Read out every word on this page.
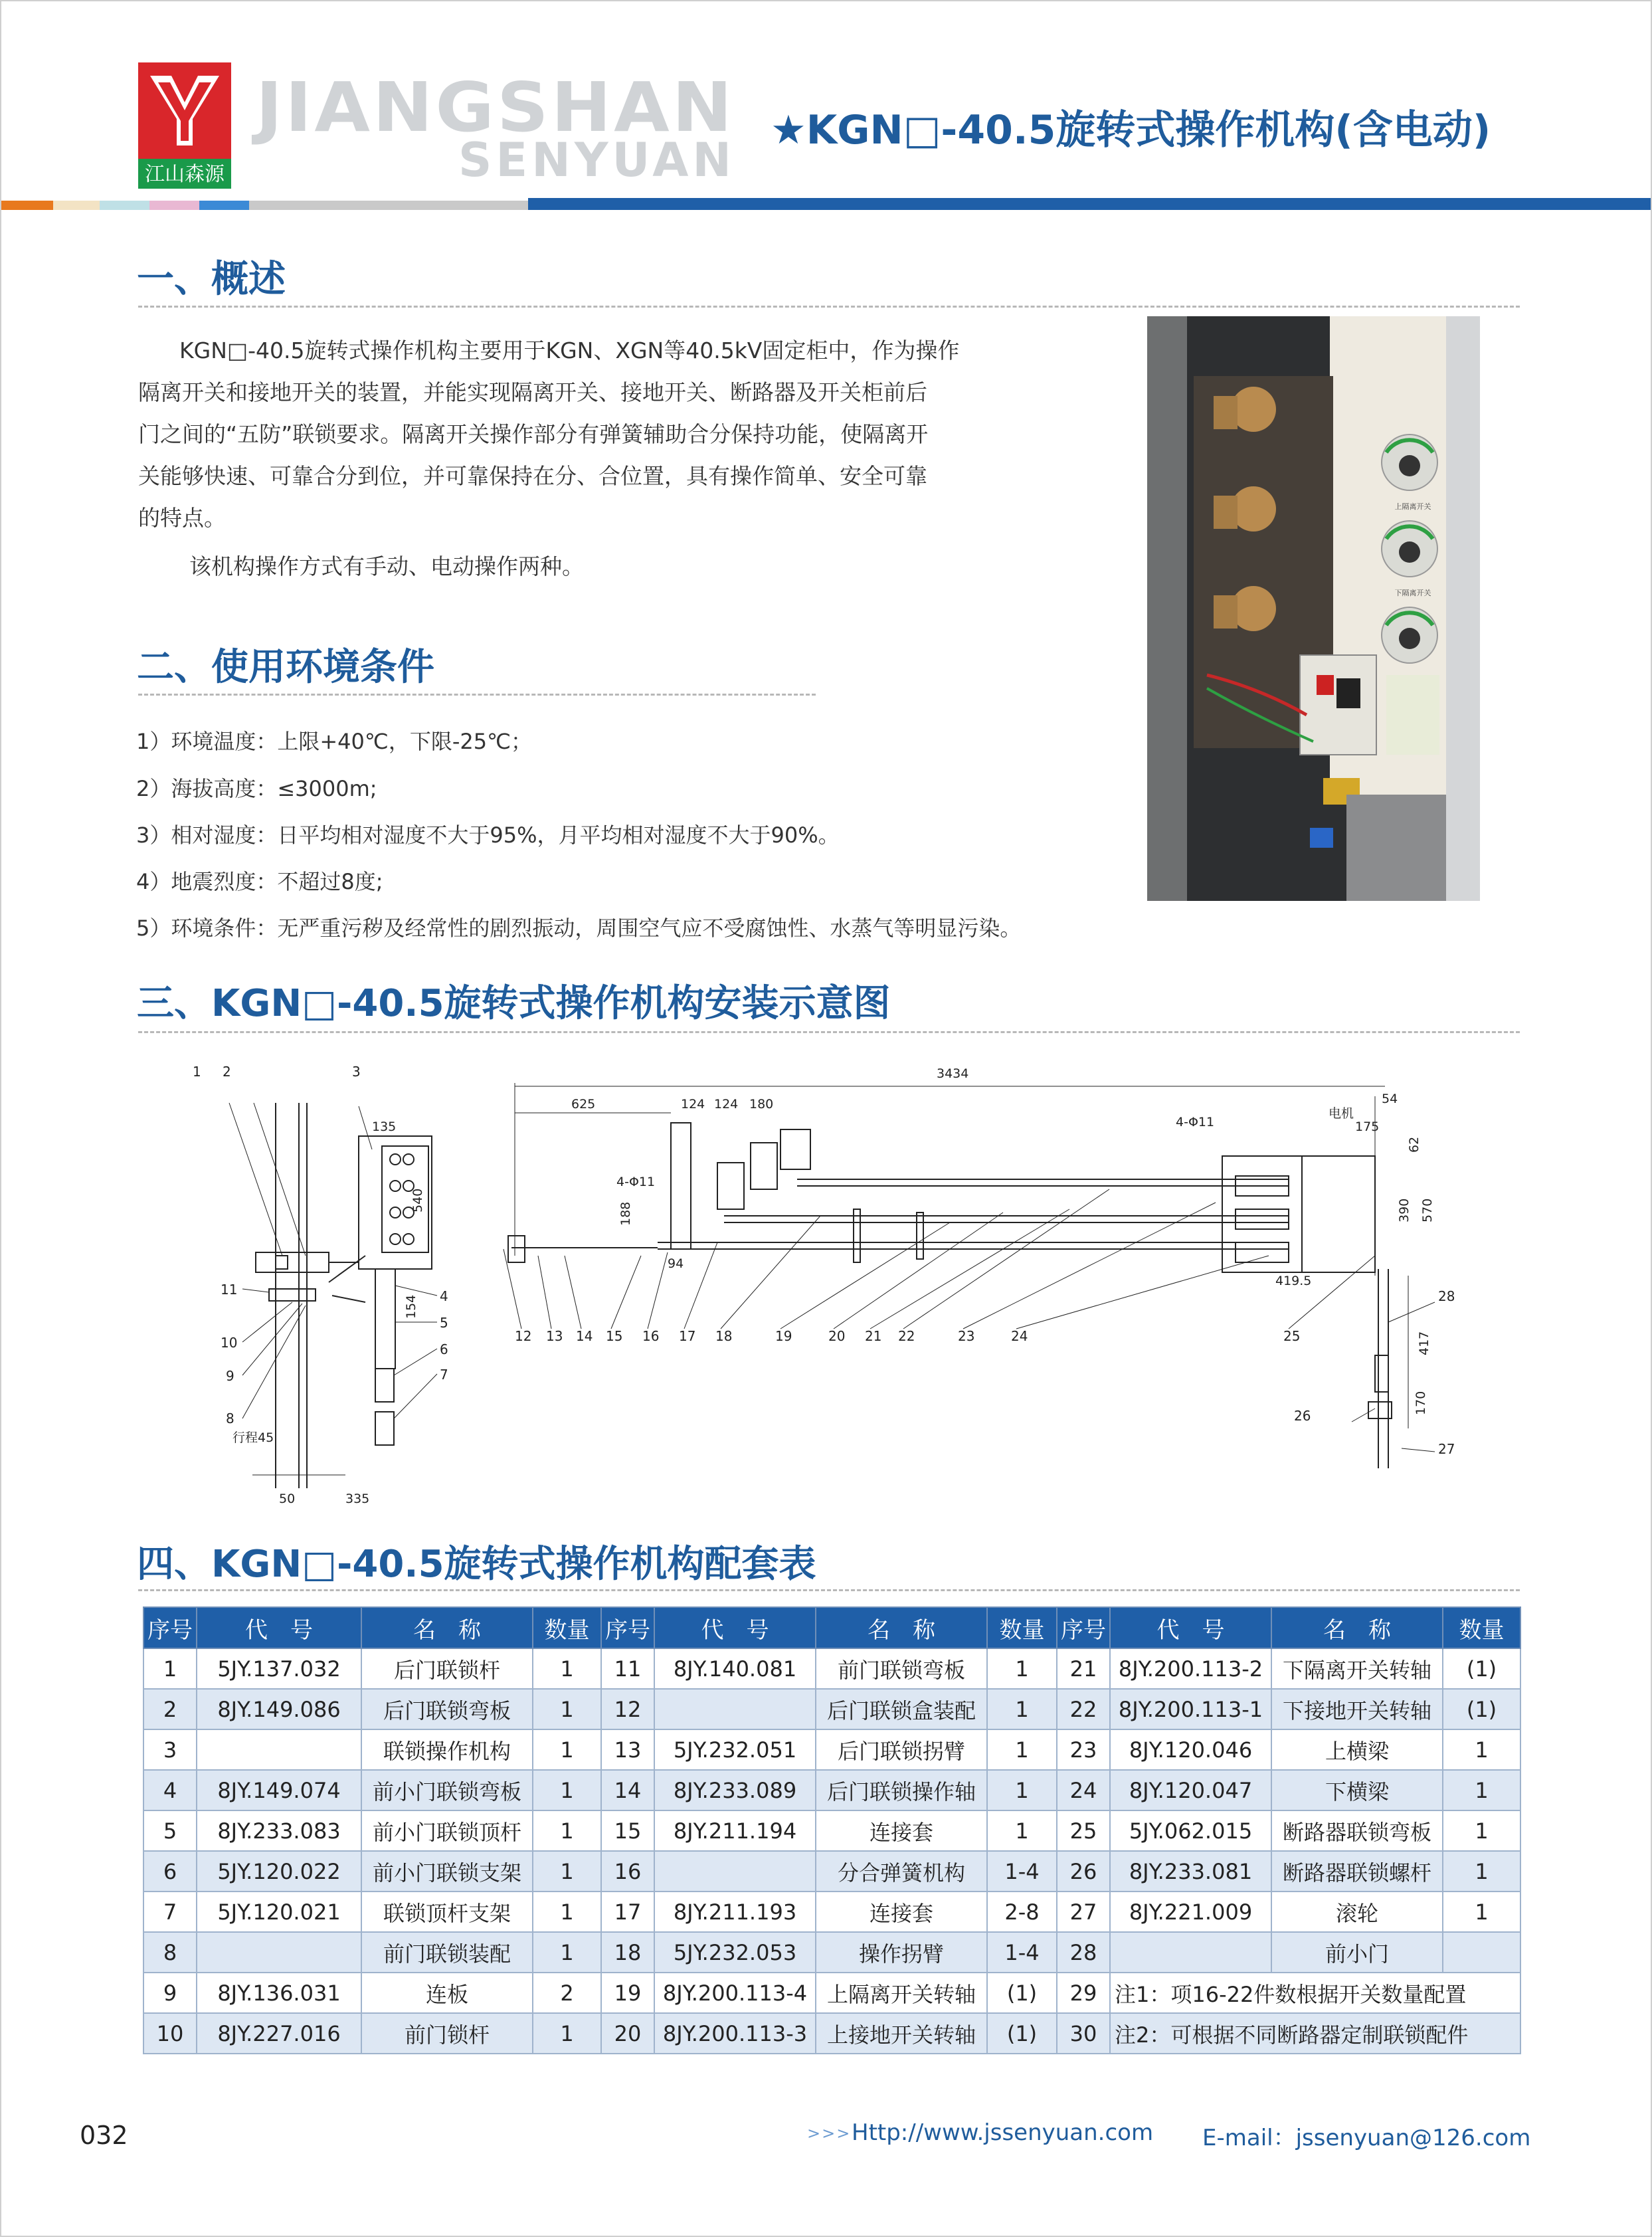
江山森源
JIANGSHAN
SENYUAN
★KGN□-40.5旋转式操作机构(含电动)
一、概述
KGN□-40.5旋转式操作机构主要用于KGN、XGN等40.5kV固定柜中，作为操作
隔离开关和接地开关的装置，并能实现隔离开关、接地开关、断路器及开关柜前后
门之间的“五防”联锁要求。隔离开关操作部分有弹簧辅助合分保持功能，使隔离开
关能够快速、可靠合分到位，并可靠保持在分、合位置，具有操作简单、安全可靠
的特点。
该机构操作方式有手动、电动操作两种。
上隔离开关
下隔离开关
二、使用环境条件
1）环境温度：上限+40℃，下限-25℃；
2）海拔高度：≤3000m;
3）相对湿度：日平均相对湿度不大于95%，月平均相对湿度不大于90%。
4）地震烈度：不超过8度;
5）环境条件：无严重污秽及经常性的剧烈振动，周围空气应不受腐蚀性、水蒸气等明显污染。
三、KGN□-40.5旋转式操作机构安装示意图
1 2	3
4
5
6
7
8
9
10
11
135
540
154
50	335
行程45
3434
625	124 124 180	54
4-Φ11
电机
175
62
390 570
188
4-Φ11
94
419.5
417
170
12 13 14 15 16 17 18	19	20 21 22	23	24	25
26
27
28
四、KGN□-40.5旋转式操作机构配套表
序号	代　号	名　称	数量	序号	代　号	名　称	数量	序号	代　号	名　称	数量
1	5JY.137.032	后门联锁杆	1	11	8JY.140.081	前门联锁弯板	1	21	8JY.200.113-2	下隔离开关转轴	(1)
2	8JY.149.086	后门联锁弯板	1	12		后门联锁盒装配	1	22	8JY.200.113-1	下接地开关转轴	(1)
3		联锁操作机构	1	13	5JY.232.051	后门联锁拐臂	1	23	8JY.120.046	上横梁	1
4	8JY.149.074	前小门联锁弯板	1	14	8JY.233.089	后门联锁操作轴	1	24	8JY.120.047	下横梁	1
5	8JY.233.083	前小门联锁顶杆	1	15	8JY.211.194	连接套	1	25	5JY.062.015	断路器联锁弯板	1
6	5JY.120.022	前小门联锁支架	1	16		分合弹簧机构	1-4	26	8JY.233.081	断路器联锁螺杆	1
7	5JY.120.021	联锁顶杆支架	1	17	8JY.211.193	连接套	2-8	27	8JY.221.009	滚轮	1
8		前门联锁装配	1	18	5JY.232.053	操作拐臂	1-4	28		前小门	
9	8JY.136.031	连板	2	19	8JY.200.113-4	上隔离开关转轴	(1)	29	注1：项16-22件数根据开关数量配置		
10	8JY.227.016	前门锁杆	1	20	8JY.200.113-3	上接地开关转轴	(1)	30	注2：可根据不同断路器定制联锁配件		
032	>>> Http://www.jssenyuan.com E-mail：jssenyuan@126.com
